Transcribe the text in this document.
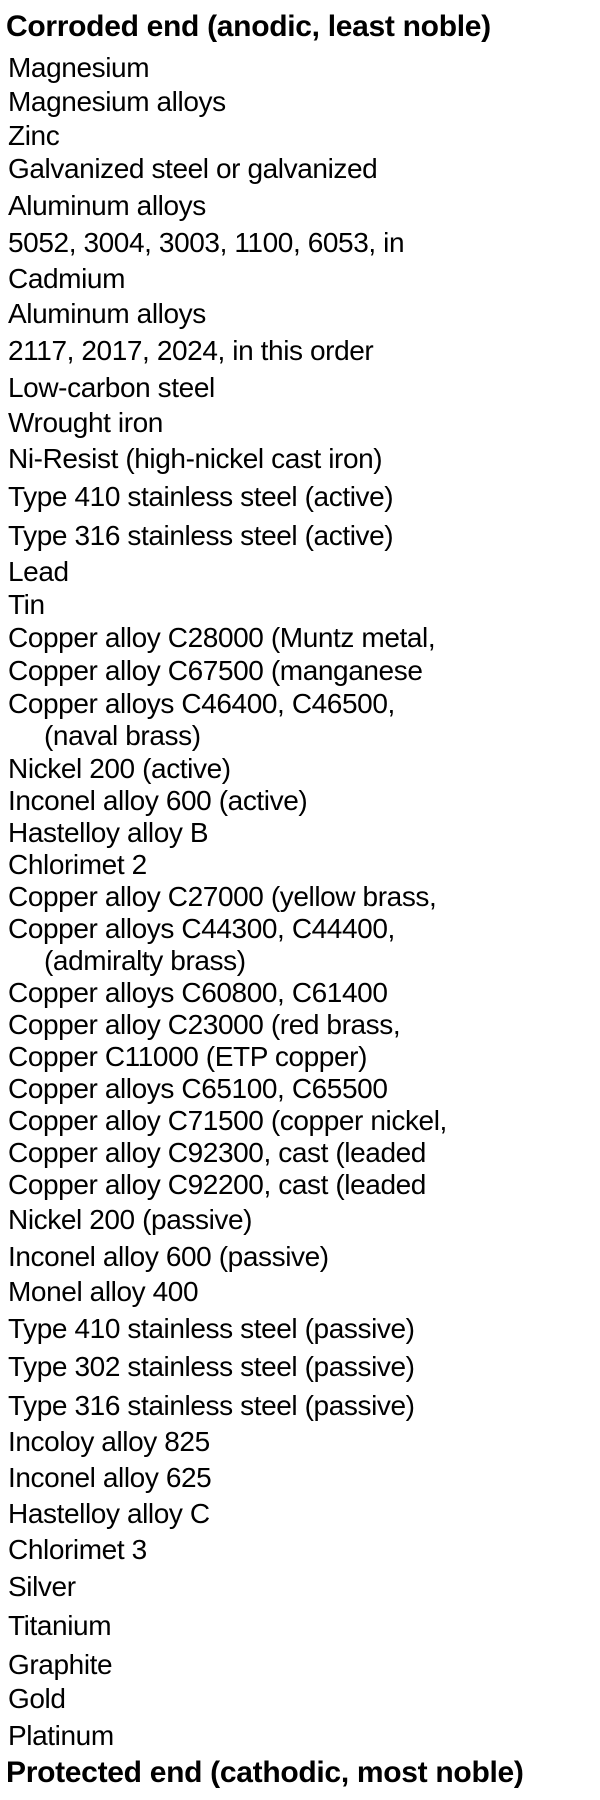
Corroded end (anodic, least noble)
Magnesium
Magnesium alloys
Zinc
Galvanized steel or galvanized
Aluminum alloys
5052, 3004, 3003, 1100, 6053, in
Cadmium
Aluminum alloys
2117, 2017, 2024, in this order
Low-carbon steel
Wrought iron
Ni-Resist (high-nickel cast iron)
Type 410 stainless steel (active)
Type 316 stainless steel (active)
Lead
Tin
Copper alloy C28000 (Muntz metal,
Copper alloy C67500 (manganese
Copper alloys C46400, C46500,
(naval brass)
Nickel 200 (active)
Inconel alloy 600 (active)
Hastelloy alloy B
Chlorimet 2
Copper alloy C27000 (yellow brass,
Copper alloys C44300, C44400,
(admiralty brass)
Copper alloys C60800, C61400
Copper alloy C23000 (red brass,
Copper C11000 (ETP copper)
Copper alloys C65100, C65500
Copper alloy C71500 (copper nickel,
Copper alloy C92300, cast (leaded
Copper alloy C92200, cast (leaded
Nickel 200 (passive)
Inconel alloy 600 (passive)
Monel alloy 400
Type 410 stainless steel (passive)
Type 302 stainless steel (passive)
Type 316 stainless steel (passive)
Incoloy alloy 825
Inconel alloy 625
Hastelloy alloy C
Chlorimet 3
Silver
Titanium
Graphite
Gold
Platinum
Protected end (cathodic, most noble)
